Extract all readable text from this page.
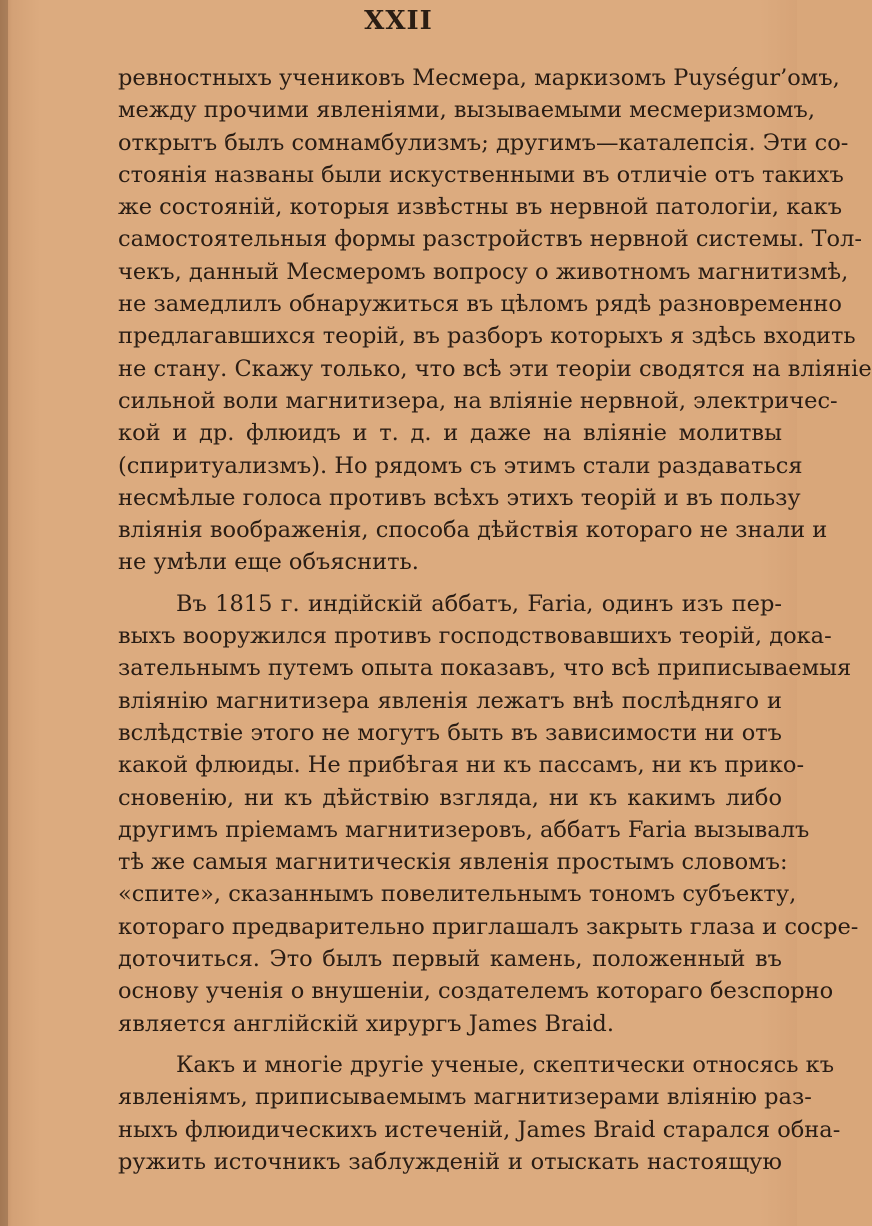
XXII
ревностныхъ учениковъ Месмера, маркизомъ Puységur’омъ,
между прочими явленiями, вызываемыми месмеризмомъ,
открытъ былъ сомнамбулизмъ; другимъ—каталепсiя. Эти со-
стоянiя названы были искуственными въ отличiе отъ такихъ
же состоянiй, которыя извѣстны въ нервной патологiи, какъ
самостоятельныя формы разстройствъ нервной системы. Тол-
чекъ, данный Месмеромъ вопросу о животномъ магнитизмѣ,
не замедлилъ обнаружиться въ цѣломъ рядѣ разновременно
предлагавшихся теорiй, въ разборъ которыхъ я здѣсь входить
не стану. Скажу только, что всѣ эти теорiи сводятся на влiянiе
сильной воли магнитизера, на влiянiе нервной, электричес-
кой и др. флюидъ и т. д. и даже на влiянiе молитвы
(спиритуализмъ). Но рядомъ съ этимъ стали раздаваться
несмѣлые голоса противъ всѣхъ этихъ теорiй и въ пользу
влiянiя воображенiя, способа дѣйствiя котораго не знали и
не умѣли еще объяснить.
Въ 1815 г. индiйскiй аббатъ, Faria, одинъ изъ пер-
выхъ вооружился противъ господствовавшихъ теорiй, дока-
зательнымъ путемъ опыта показавъ, что всѣ приписываемыя
влiянiю магнитизера явленiя лежатъ внѣ послѣдняго и
вслѣдствiе этого не могутъ быть въ зависимости ни отъ
какой флюиды. Не прибѣгая ни къ пассамъ, ни къ прико-
сновенiю, ни къ дѣйствiю взгляда, ни къ какимъ либо
другимъ прiемамъ магнитизеровъ, аббатъ Faria вызывалъ
тѣ же самыя магнитическiя явленiя простымъ словомъ:
«спите», сказаннымъ повелительнымъ тономъ субъекту,
котораго предварительно приглашалъ закрыть глаза и сосре-
доточиться. Это былъ первый камень, положенный въ
основу ученiя о внушенiи, создателемъ котораго безспорно
является англiйскiй хирургъ James Braid.
Какъ и многiе другiе ученые, скептически относясь къ
явленiямъ, приписываемымъ магнитизерами влiянiю раз-
ныхъ флюидическихъ истеченiй, James Braid старался обна-
ружить источникъ заблужденiй и отыскать настоящую
